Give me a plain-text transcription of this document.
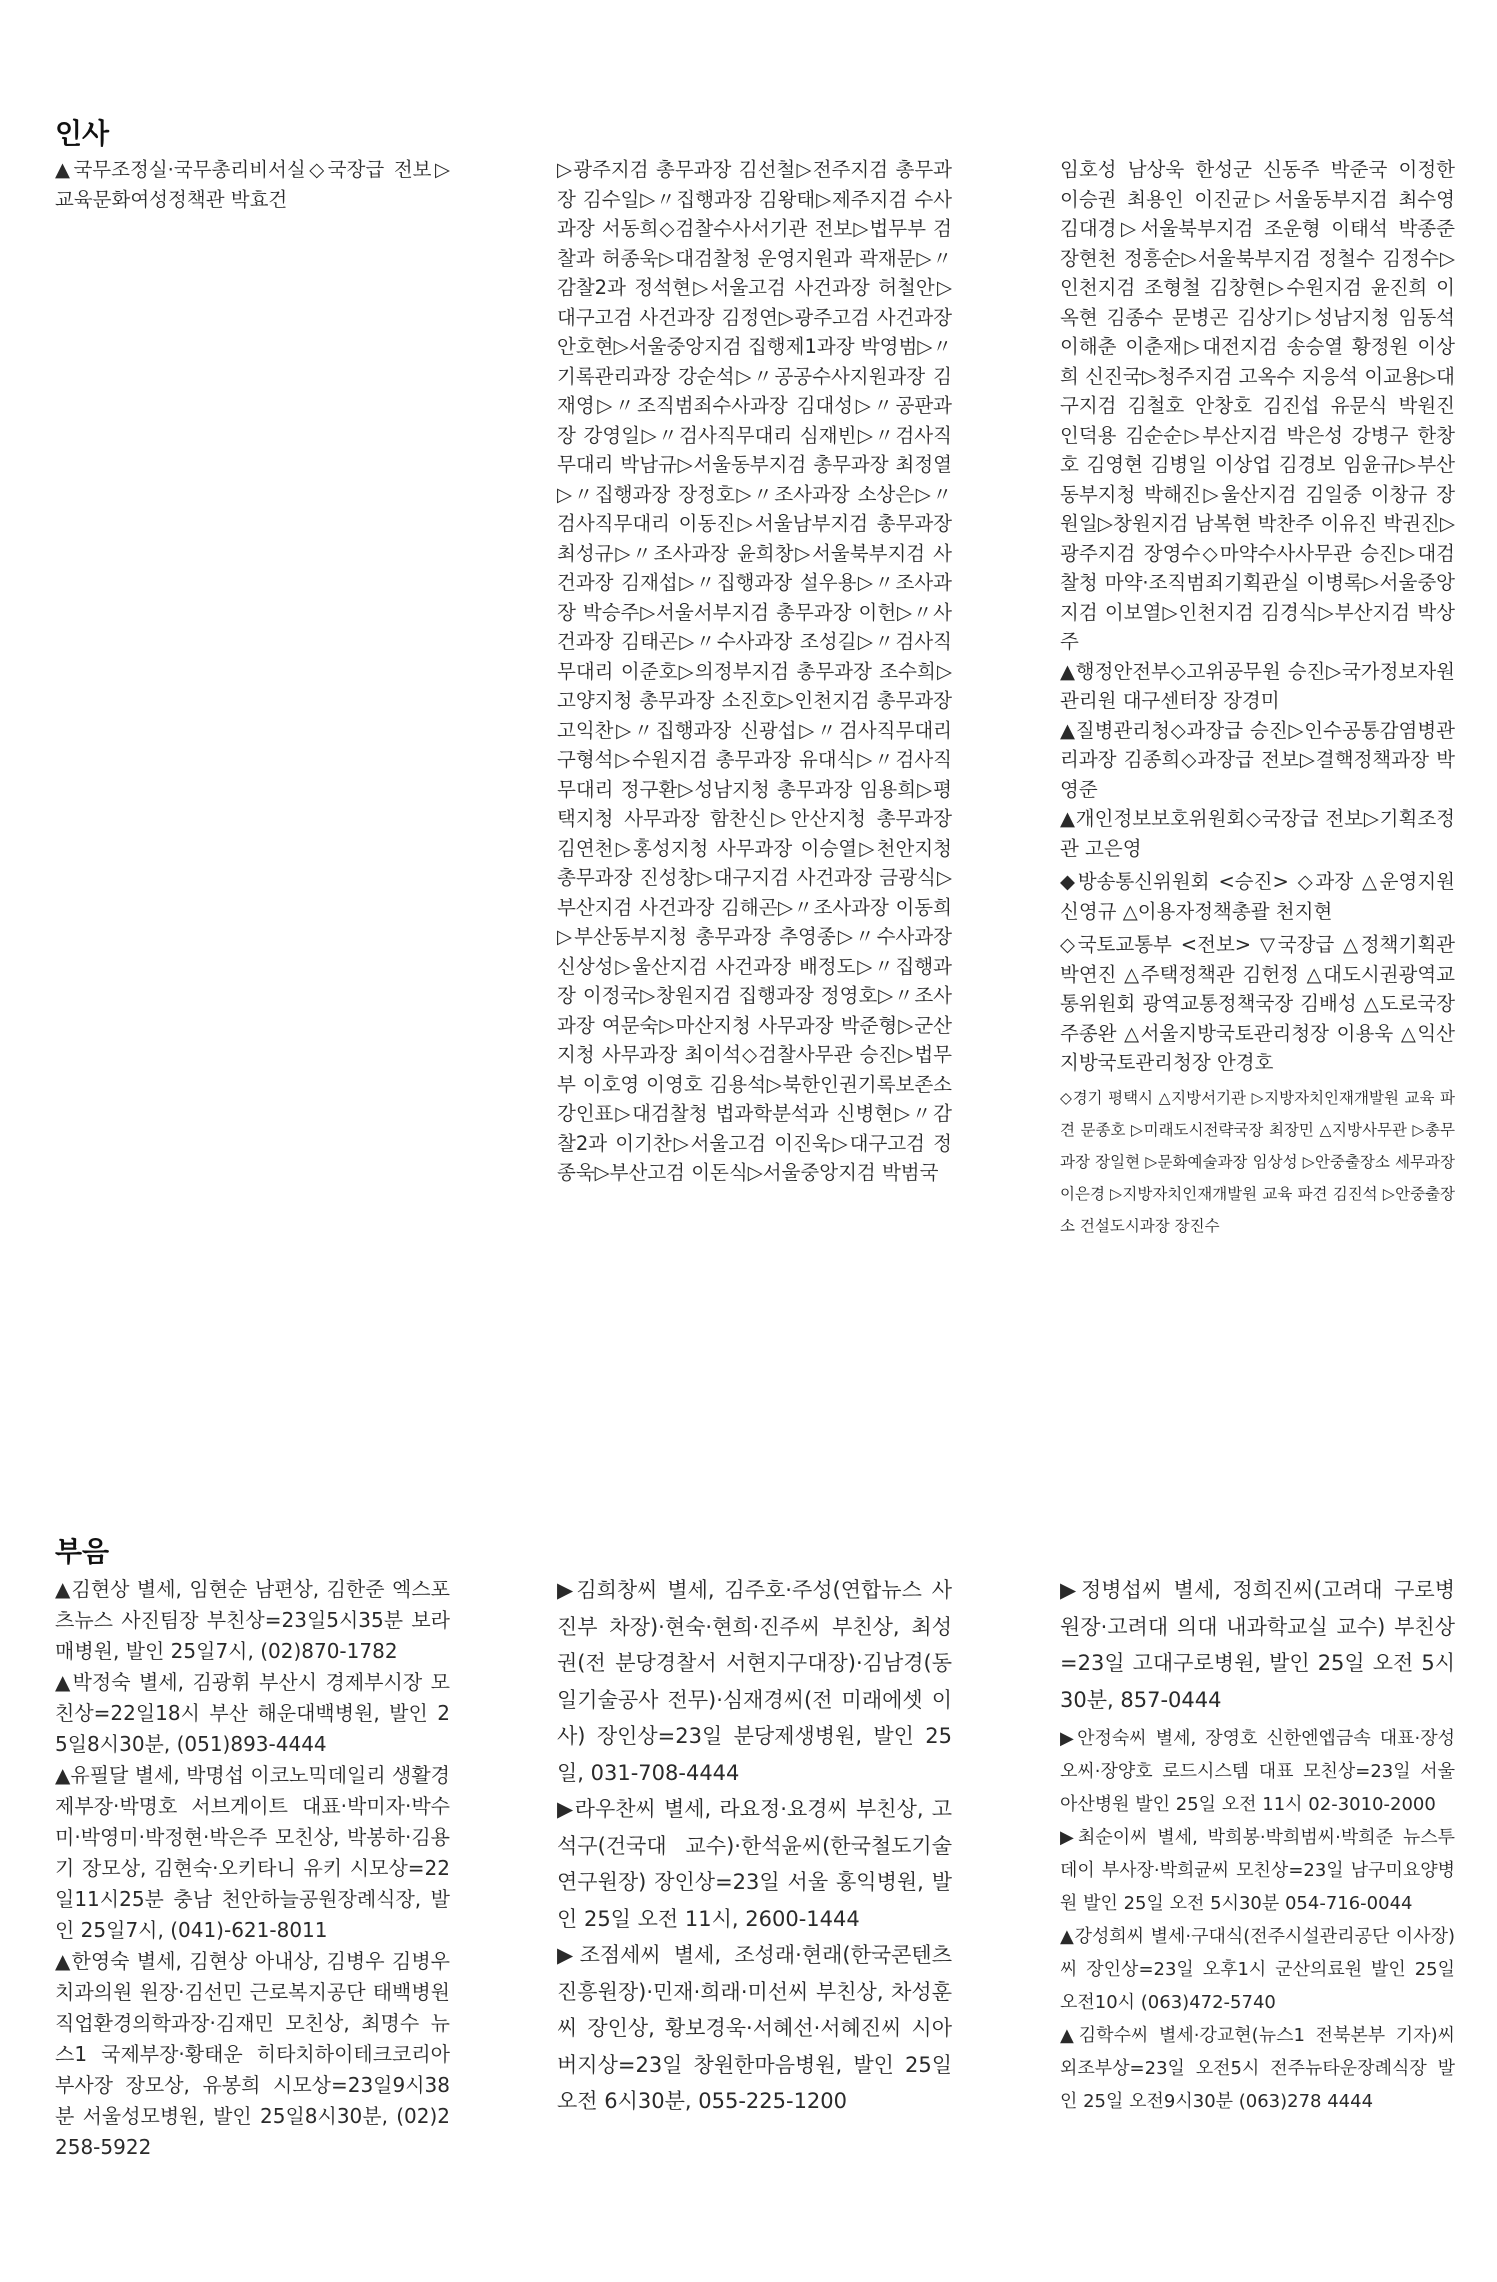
인사

▲국무조정실·국무총리비서실◇국장급 전보▷교육문화여성정책관 박효건

▷광주지검 총무과장 김선철▷전주지검 총무과장 김수일▷〃집행과장 김왕태▷제주지검 수사과장 서동희◇검찰수사서기관 전보▷법무부 검찰과 허종욱▷대검찰청 운영지원과 곽재문▷〃감찰2과 정석현▷서울고검 사건과장 허철안▷대구고검 사건과장 김정연▷광주고검 사건과장 안호현▷서울중앙지검 집행제1과장 박영범▷〃기록관리과장 강순석▷〃공공수사지원과장 김재영▷〃조직범죄수사과장 김대성▷〃공판과장 강영일▷〃검사직무대리 심재빈▷〃검사직무대리 박남규▷서울동부지검 총무과장 최정열▷〃집행과장 장정호▷〃조사과장 소상은▷〃검사직무대리 이동진▷서울남부지검 총무과장 최성규▷〃조사과장 윤희창▷서울북부지검 사건과장 김재섭▷〃집행과장 설우용▷〃조사과장 박승주▷서울서부지검 총무과장 이헌▷〃사건과장 김태곤▷〃수사과장 조성길▷〃검사직무대리 이준호▷의정부지검 총무과장 조수희▷고양지청 총무과장 소진호▷인천지검 총무과장 고익찬▷〃집행과장 신광섭▷〃검사직무대리 구형석▷수원지검 총무과장 유대식▷〃검사직무대리 정구환▷성남지청 총무과장 임용희▷평택지청 사무과장 함찬신▷안산지청 총무과장 김연천▷홍성지청 사무과장 이승열▷천안지청 총무과장 진성창▷대구지검 사건과장 금광식▷부산지검 사건과장 김해곤▷〃조사과장 이동희▷부산동부지청 총무과장 추영종▷〃수사과장 신상성▷울산지검 사건과장 배정도▷〃집행과장 이정국▷창원지검 집행과장 정영호▷〃조사과장 여문숙▷마산지청 사무과장 박준형▷군산지청 사무과장 최이석◇검찰사무관 승진▷법무부 이호영 이영호 김용석▷북한인권기록보존소 강인표▷대검찰청 법과학분석과 신병현▷〃감찰2과 이기찬▷서울고검 이진욱▷대구고검 정종욱▷부산고검 이돈식▷서울중앙지검 박범국

임호성 남상욱 한성군 신동주 박준국 이정한 이승권 최용인 이진균▷서울동부지검 최수영 김대경▷서울북부지검 조운형 이태석 박종준 장현천 정흥순▷서울북부지검 정철수 김정수▷인천지검 조형철 김창현▷수원지검 윤진희 이옥현 김종수 문병곤 김상기▷성남지청 임동석 이해춘 이춘재▷대전지검 송승열 황정원 이상희 신진국▷청주지검 고옥수 지응석 이교용▷대구지검 김철호 안창호 김진섭 유문식 박원진 인덕용 김순순▷부산지검 박은성 강병구 한창호 김영현 김병일 이상업 김경보 임윤규▷부산동부지청 박해진▷울산지검 김일중 이창규 장원일▷창원지검 남복현 박찬주 이유진 박권진▷광주지검 장영수◇마약수사사무관 승진▷대검찰청 마약·조직범죄기획관실 이병록▷서울중앙지검 이보열▷인천지검 김경식▷부산지검 박상주

▲행정안전부◇고위공무원 승진▷국가정보자원관리원 대구센터장 장경미

▲질병관리청◇과장급 승진▷인수공통감염병관리과장 김종희◇과장급 전보▷결핵정책과장 박영준

▲개인정보보호위원회◇국장급 전보▷기획조정관 고은영

◆방송통신위원회 <승진> ◇과장 △운영지원 신영규 △이용자정책총괄 천지현

◇국토교통부 <전보> ▽국장급 △정책기획관 박연진 △주택정책관 김헌정 △대도시권광역교통위원회 광역교통정책국장 김배성 △도로국장 주종완 △서울지방국토관리청장 이용욱 △익산지방국토관리청장 안경호

◇경기 평택시 △지방서기관 ▷지방자치인재개발원 교육 파견 문종호 ▷미래도시전략국장 최장민 △지방사무관 ▷총무과장 장일현 ▷문화예술과장 임상성 ▷안중출장소 세무과장 이은경 ▷지방자치인재개발원 교육 파견 김진석 ▷안중출장소 건설도시과장 장진수

부음

▲김현상 별세, 임현순 남편상, 김한준 엑스포츠뉴스 사진팀장 부친상=23일5시35분 보라매병원, 발인 25일7시, (02)870-1782

▲박정숙 별세, 김광휘 부산시 경제부시장 모친상=22일18시 부산 해운대백병원, 발인 25일8시30분, (051)893-4444

▲유필달 별세, 박명섭 이코노믹데일리 생활경제부장·박명호 서브게이트 대표·박미자·박수미·박영미·박정현·박은주 모친상, 박봉하·김용기 장모상, 김현숙·오키타니 유키 시모상=22일11시25분 충남 천안하늘공원장례식장, 발인 25일7시, (041)-621-8011

▲한영숙 별세, 김현상 아내상, 김병우 김병우치과의원 원장·김선민 근로복지공단 태백병원 직업환경의학과장·김재민 모친상, 최명수 뉴스1 국제부장·황태운 히타치하이테크코리아 부사장 장모상, 유봉희 시모상=23일9시38분 서울성모병원, 발인 25일8시30분, (02)2258-5922

▶김희창씨 별세, 김주호·주성(연합뉴스 사진부 차장)·현숙·현희·진주씨 부친상, 최성권(전 분당경찰서 서현지구대장)·김남경(동일기술공사 전무)·심재경씨(전 미래에셋 이사) 장인상=23일 분당제생병원, 발인 25일, 031-708-4444

▶라우찬씨 별세, 라요정·요경씨 부친상, 고석구(건국대 교수)·한석윤씨(한국철도기술연구원장) 장인상=23일 서울 홍익병원, 발인 25일 오전 11시, 2600-1444

▶조점세씨 별세, 조성래·현래(한국콘텐츠진흥원장)·민재·희래·미선씨 부친상, 차성훈씨 장인상, 황보경욱·서혜선·서혜진씨 시아버지상=23일 창원한마음병원, 발인 25일 오전 6시30분, 055-225-1200

▶정병섭씨 별세, 정희진씨(고려대 구로병원장·고려대 의대 내과학교실 교수) 부친상=23일 고대구로병원, 발인 25일 오전 5시30분, 857-0444

▶안정숙씨 별세, 장영호 신한엔엡금속 대표·장성오씨·장양호 로드시스템 대표 모친상=23일 서울아산병원 발인 25일 오전 11시 02-3010-2000

▶최순이씨 별세, 박희봉·박희범씨·박희준 뉴스투데이 부사장·박희균씨 모친상=23일 남구미요양병원 발인 25일 오전 5시30분 054-716-0044

▲강성희씨 별세·구대식(전주시설관리공단 이사장)씨 장인상=23일 오후1시 군산의료원 발인 25일 오전10시 (063)472-5740

▲김학수씨 별세·강교현(뉴스1 전북본부 기자)씨 외조부상=23일 오전5시 전주뉴타운장례식장 발인 25일 오전9시30분 (063)278 4444
